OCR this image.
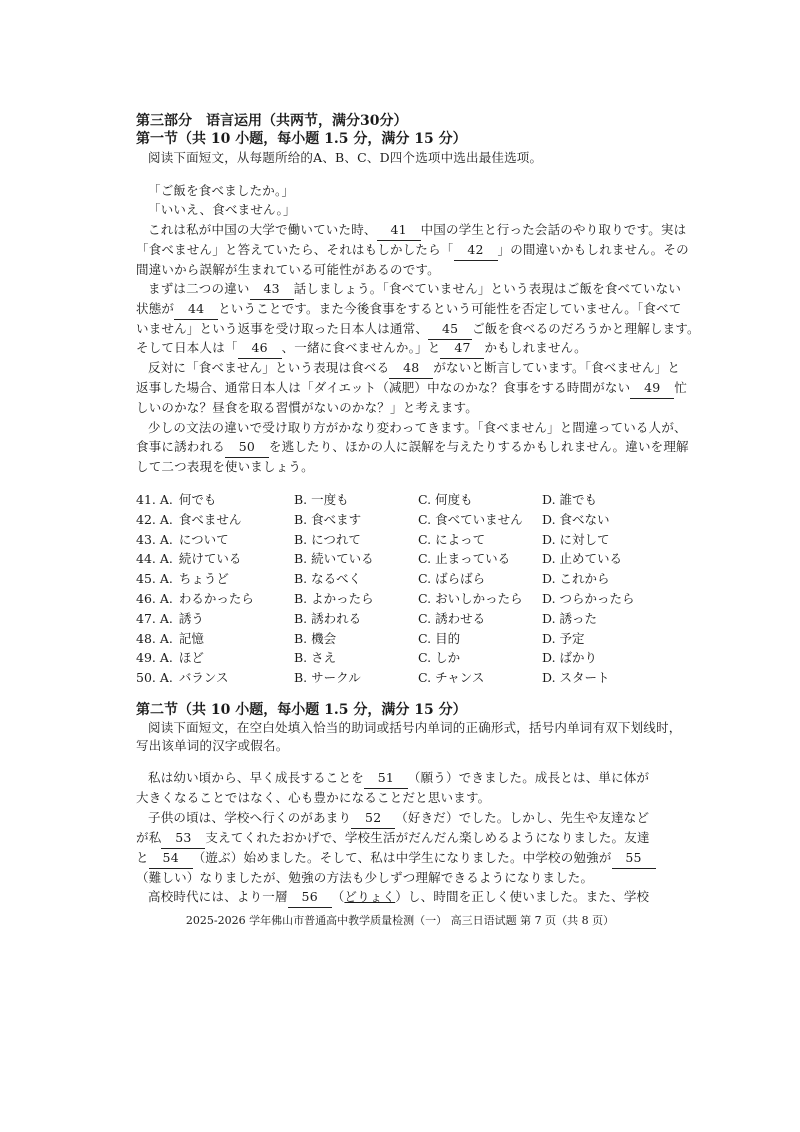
第三部分　语言运用（共两节，满分30分）
第一节（共 10 小题，每小题 1.5 分，满分 15 分）
阅读下面短文，从每题所给的A、B、C、D四个选项中选出最佳选项。
「ご飯を食べましたか。」
「いいえ、食べません。」
これは私が中国の大学で働いていた時、 41 中国の学生と行った会話のやり取りです。実は
「食べません」と答えていたら、それはもしかしたら「 42 」の間違いかもしれません。その
間違いから誤解が生まれている可能性があるのです。
まずは二つの違い 43 話しましょう。「食べていません」という表現はご飯を食べていない
状態が 44 ということです。また今後食事をするという可能性を否定していません。「食べて
いません」という返事を受け取った日本人は通常、 45 ご飯を食べるのだろうかと理解します。
そして日本人は「 46 、一緒に食べませんか。」と 47 かもしれません。
反対に「食べません」という表現は食べる 48 がないと断言しています。「食べません」と
返事した場合、通常日本人は「ダイエット（减肥）中なのかな？食事をする時間がない 49 忙
しいのかな？昼食を取る習慣がないのかな？」と考えます。
少しの文法の違いで受け取り方がかなり変わってきます。「食べません」と間違っている人が、
食事に誘われる 50 を逃したり、ほかの人に誤解を与えたりするかもしれません。違いを理解
して二つ表現を使いましょう。
41. A. 何でも	B. 一度も	C. 何度も	D. 誰でも
42. A. 食べません	B. 食べます	C. 食べていません D. 食べない
43. A. について	B. につれて	C. によって	D. に対して
44. A. 続けている	B. 続いている	C. 止まっている	D. 止めている
45. A. ちょうど	B. なるべく	C. ばらばら	D. これから
46. A. わるかったら	B. よかったら	C. おいしかったら D. つらかったら
47. A. 誘う	B. 誘われる	C. 誘わせる	D. 誘った
48. A. 記憶	B. 機会	C. 目的	D. 予定
49. A. ほど	B. さえ	C. しか	D. ばかり
50. A. バランス	B. サークル	C. チャンス	D. スタート
第二节（共 10 小题，每小题 1.5 分，满分 15 分）
阅读下面短文，在空白处填入恰当的助词或括号内单词的正确形式，括号内单词有双下划线时，
写出该单词的汉字或假名。
私は幼い頃から、早く成長することを 51 （願う）できました。成長とは、単に体が
大きくなることではなく、心も豊かになることだと思います。
子供の頃は、学校へ行くのがあまり 52 （好きだ）でした。しかし、先生や友達など
が私 53 支えてくれたおかげで、学校生活がだんだん楽しめるようになりました。友達
と 54 （遊ぶ）始めました。そして、私は中学生になりました。中学校の勉強が 55
（難しい）なりましたが、勉強の方法も少しずつ理解できるようになりました。
高校時代には、より一層 56 （どりょく）し、時間を正しく使いました。また、学校
2025-2026 学年佛山市普通高中教学质量检测（一） 高三日语试题 第 7 页（共 8 页）
